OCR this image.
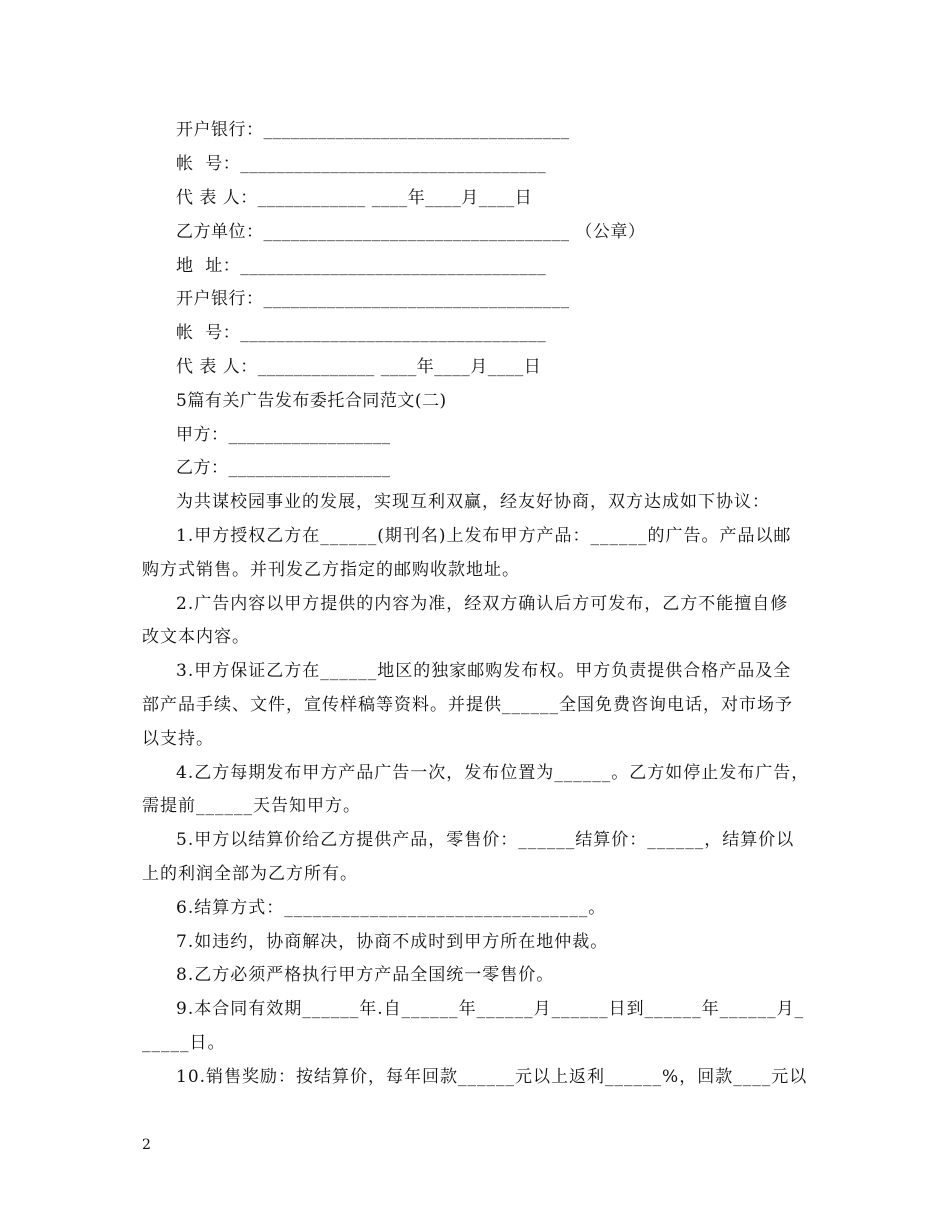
开户银行：__________________________________
帐  号：__________________________________
代 表 人：____________ ____年____月____日
乙方单位：__________________________________ （公章）
地  址：__________________________________
开户银行：__________________________________
帐  号：__________________________________
代 表 人：_____________ ____年____月____日
5篇有关广告发布委托合同范文(二)
甲方：__________________
乙方：__________________
为共谋校园事业的发展，实现互利双赢，经友好协商，双方达成如下协议：
1.甲方授权乙方在______(期刊名)上发布甲方产品：______的广告。产品以邮
购方式销售。并刊发乙方指定的邮购收款地址。
2.广告内容以甲方提供的内容为准，经双方确认后方可发布，乙方不能擅自修
改文本内容。
3.甲方保证乙方在______地区的独家邮购发布权。甲方负责提供合格产品及全
部产品手续、文件，宣传样稿等资料。并提供______全国免费咨询电话，对市场予
以支持。
4.乙方每期发布甲方产品广告一次，发布位置为______。乙方如停止发布广告，
需提前______天告知甲方。
5.甲方以结算价给乙方提供产品，零售价：______结算价：______，结算价以
上的利润全部为乙方所有。
6.结算方式：________________________________。
7.如违约，协商解决，协商不成时到甲方所在地仲裁。
8.乙方必须严格执行甲方产品全国统一零售价。
9.本合同有效期______年.自______年______月______日到______年______月_
_____日。
10.销售奖励：按结算价，每年回款______元以上返利______%，回款____元以
2
